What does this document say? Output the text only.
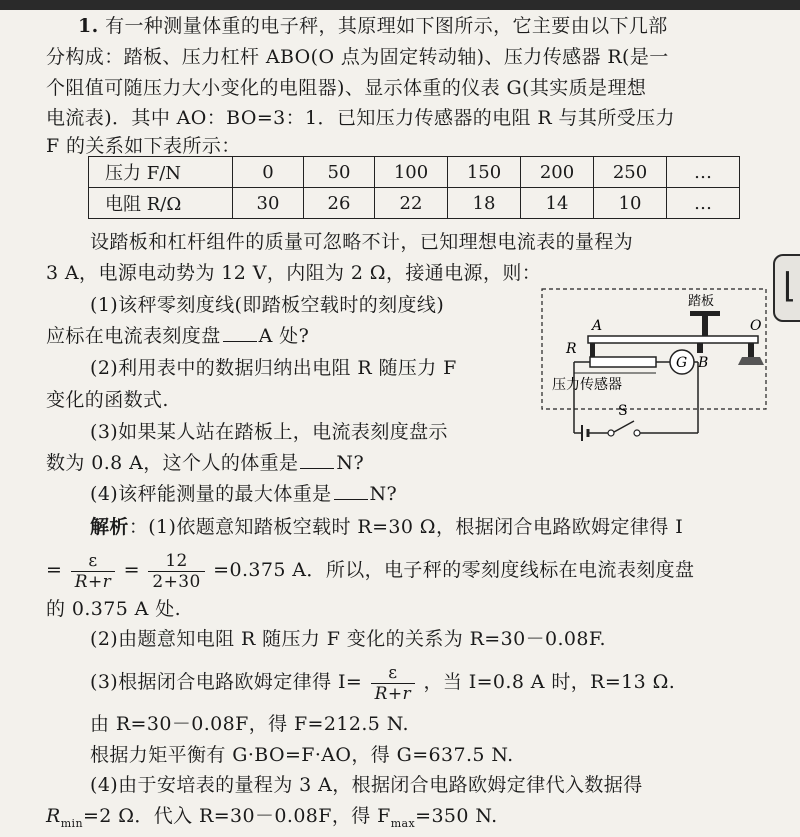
1. 有一种测量体重的电子秤，其原理如下图所示，它主要由以下几部
分构成：踏板、压力杠杆 ABO(O 点为固定转动轴)、压力传感器 R(是一
个阻值可随压力大小变化的电阻器)、显示体重的仪表 G(其实质是理想
电流表)．其中 AO：BO=3：1．已知压力传感器的电阻 R 与其所受压力
F 的关系如下表所示：
压力 F/N	0	50	100	150	200	250	…
电阻 R/Ω	30	26	22	18	14	10	…
设踏板和杠杆组件的质量可忽略不计，已知理想电流表的量程为
3 A，电源电动势为 12 V，内阻为 2 Ω，接通电源，则：
(1)该秤零刻度线(即踏板空载时的刻度线)
应标在电流表刻度盘 A 处?
(2)利用表中的数据归纳出电阻 R 随压力 F
变化的函数式.
(3)如果某人站在踏板上，电流表刻度盘示
数为 0.8 A，这个人的体重是 N?
(4)该秤能测量的最大体重是 N?
踏板
A	O
B
R
G
压力传感器
S
解析：(1)依题意知踏板空载时 R=30 Ω，根据闭合电路欧姆定律得 I
= $\frac{\varepsilon}{R+r} = \frac{12}{2+30} =0.375$ A．所以，电子秤的零刻度线标在电流表刻度盘
的 0.375 A 处.
(2)由题意知电阻 R 随压力 F 变化的关系为 R=30－0.08F.
(3)根据闭合电路欧姆定律得 $I= \frac{\varepsilon}{R+r}$ ，当 I=0.8 A 时，R=13 Ω.
由 R=30－0.08F，得 F=212.5 N.
根据力矩平衡有 G·BO=F·AO，得 G=637.5 N.
(4)由于安培表的量程为 3 A，根据闭合电路欧姆定律代入数据得
$R_{min}=2$ Ω．代入 R=30－0.08F，得 $F_{max}=350$ N.
⌊
